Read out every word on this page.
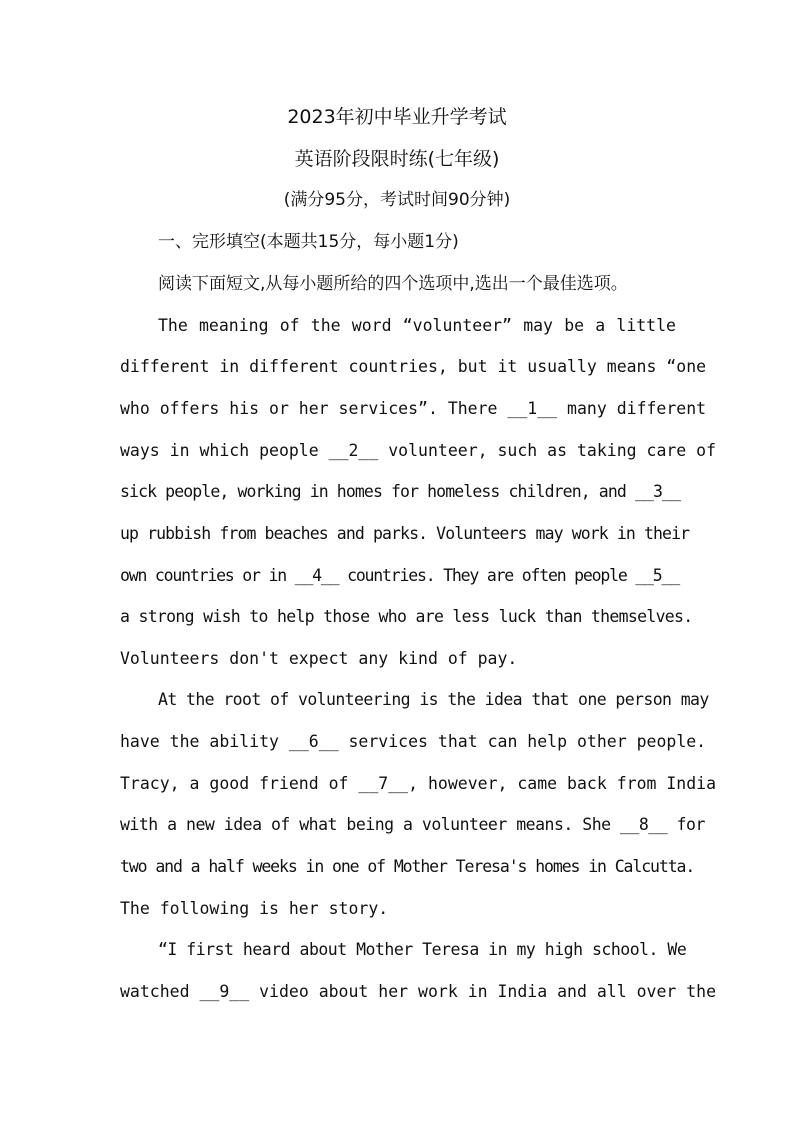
2023年初中毕业升学考试
英语阶段限时练(七年级)
(满分95分，考试时间90分钟)
一、完形填空(本题共15分，每小题1分)
阅读下面短文,从每小题所给的四个选项中,选出一个最佳选项。
The meaning of the word “volunteer” may be a little
different in different countries, but it usually means “one
who offers his or her services”. There __1__ many different
ways in which people __2__ volunteer, such as taking care of
sick people, working in homes for homeless children, and __3__
up rubbish from beaches and parks. Volunteers may work in their
own countries or in __4__ countries. They are often people __5__
a strong wish to help those who are less luck than themselves.
Volunteers don't expect any kind of pay.
At the root of volunteering is the idea that one person may
have the ability __6__ services that can help other people.
Tracy, a good friend of __7__, however, came back from India
with a new idea of what being a volunteer means. She __8__ for
two and a half weeks in one of Mother Teresa's homes in Calcutta.
The following is her story.
“I first heard about Mother Teresa in my high school. We
watched __9__ video about her work in India and all over the
